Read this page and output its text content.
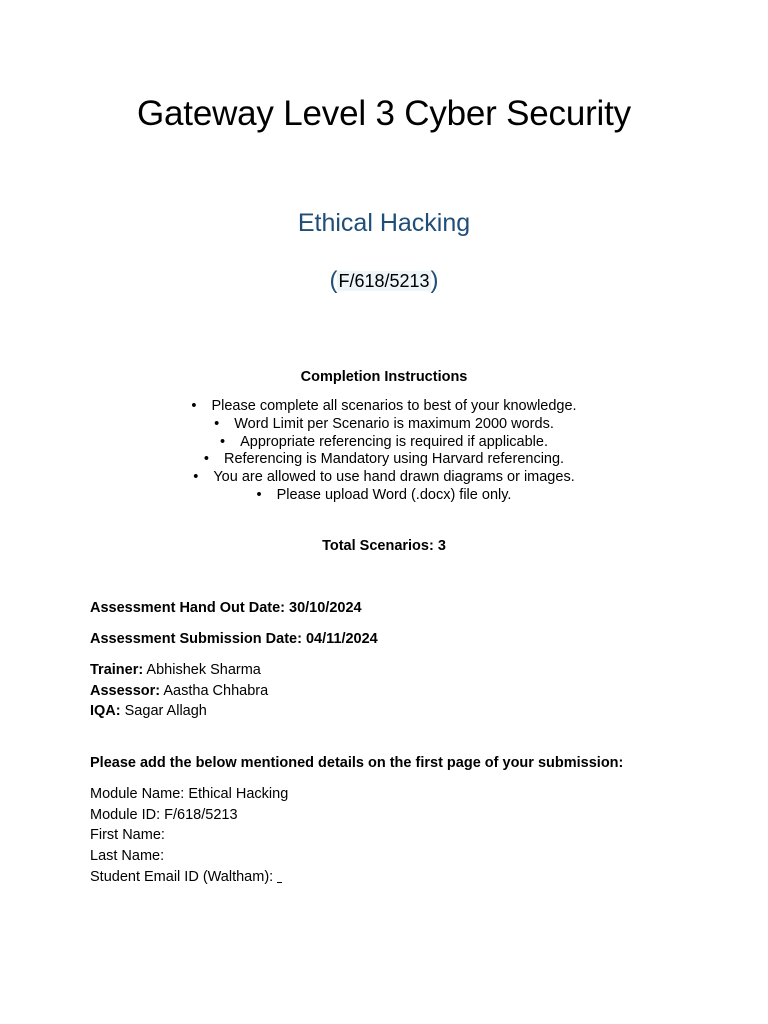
Gateway Level 3 Cyber Security
Ethical Hacking
(F/618/5213)
Completion Instructions
• Please complete all scenarios to best of your knowledge.
• Word Limit per Scenario is maximum 2000 words.
• Appropriate referencing is required if applicable.
• Referencing is Mandatory using Harvard referencing.
• You are allowed to use hand drawn diagrams or images.
• Please upload Word (.docx) file only.
Total Scenarios: 3
Assessment Hand Out Date: 30/10/2024
Assessment Submission Date: 04/11/2024
Trainer: Abhishek Sharma
Assessor: Aastha Chhabra
IQA: Sagar Allagh
Please add the below mentioned details on the first page of your submission:
Module Name: Ethical Hacking
Module ID: F/618/5213
First Name:
Last Name:
Student Email ID (Waltham):
